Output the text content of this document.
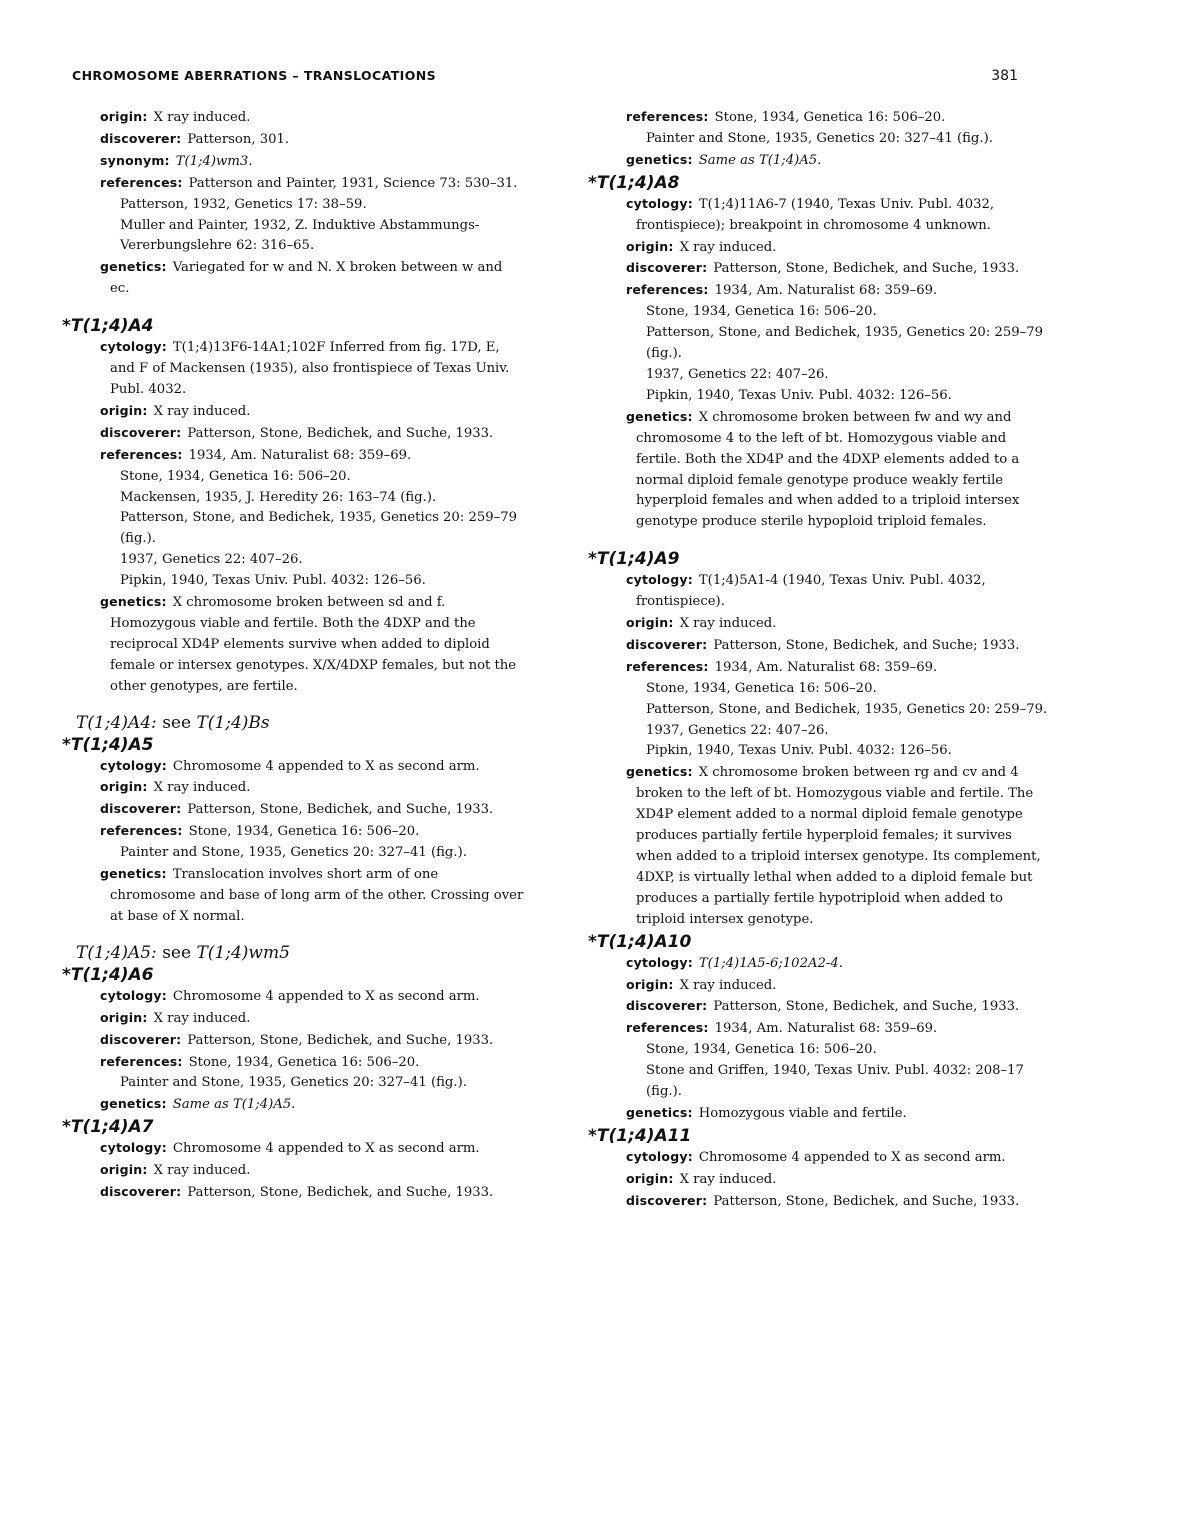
CHROMOSOME ABERRATIONS – TRANSLOCATIONS	381

origin: X ray induced.

discoverer: Patterson, 301.

synonym: T(1;4)wm3.

references: Patterson and Painter, 1931, Science 73: 530–31.

Patterson, 1932, Genetics 17: 38–59.

Muller and Painter, 1932, Z. Induktive Abstammungs- Vererbungslehre 62: 316–65.

genetics: Variegated for w and N. X broken between w and ec.

*T(1;4)A4

cytology: T(1;4)13F6-14A1;102F Inferred from fig. 17D, E, and F of Mackensen (1935), also frontispiece of Texas Univ. Publ. 4032.

origin: X ray induced.

discoverer: Patterson, Stone, Bedichek, and Suche, 1933.

references: 1934, Am. Naturalist 68: 359–69.

Stone, 1934, Genetica 16: 506–20.

Mackensen, 1935, J. Heredity 26: 163–74 (fig.).

Patterson, Stone, and Bedichek, 1935, Genetics 20: 259–79 (fig.).

1937, Genetics 22: 407–26.

Pipkin, 1940, Texas Univ. Publ. 4032: 126–56.

genetics: X chromosome broken between sd and f. Homozygous viable and fertile. Both the 4DXP and the reciprocal XD4P elements survive when added to diploid female or intersex genotypes. X/X/4DXP females, but not the other genotypes, are fertile.

T(1;4)A4: see T(1;4)Bs
*T(1;4)A5

cytology: Chromosome 4 appended to X as second arm.

origin: X ray induced.

discoverer: Patterson, Stone, Bedichek, and Suche, 1933.

references: Stone, 1934, Genetica 16: 506–20.

Painter and Stone, 1935, Genetics 20: 327–41 (fig.).

genetics: Translocation involves short arm of one chromosome and base of long arm of the other. Crossing over at base of X normal.

T(1;4)A5: see T(1;4)wm5
*T(1;4)A6

cytology: Chromosome 4 appended to X as second arm.

origin: X ray induced.

discoverer: Patterson, Stone, Bedichek, and Suche, 1933.

references: Stone, 1934, Genetica 16: 506–20.

Painter and Stone, 1935, Genetics 20: 327–41 (fig.).

genetics: Same as T(1;4)A5.

*T(1;4)A7

cytology: Chromosome 4 appended to X as second arm.

origin: X ray induced.

discoverer: Patterson, Stone, Bedichek, and Suche, 1933.

references: Stone, 1934, Genetica 16: 506–20.

Painter and Stone, 1935, Genetics 20: 327–41 (fig.).

genetics: Same as T(1;4)A5.

*T(1;4)A8

cytology: T(1;4)11A6-7 (1940, Texas Univ. Publ. 4032, frontispiece); breakpoint in chromosome 4 unknown.

origin: X ray induced.

discoverer: Patterson, Stone, Bedichek, and Suche, 1933.

references: 1934, Am. Naturalist 68: 359–69.

Stone, 1934, Genetica 16: 506–20.

Patterson, Stone, and Bedichek, 1935, Genetics 20: 259–79 (fig.).

1937, Genetics 22: 407–26.

Pipkin, 1940, Texas Univ. Publ. 4032: 126–56.

genetics: X chromosome broken between fw and wy and chromosome 4 to the left of bt. Homozygous viable and fertile. Both the XD4P and the 4DXP elements added to a normal diploid female genotype produce weakly fertile hyperploid females and when added to a triploid intersex genotype produce sterile hypoploid triploid females.

*T(1;4)A9

cytology: T(1;4)5A1-4 (1940, Texas Univ. Publ. 4032, frontispiece).

origin: X ray induced.

discoverer: Patterson, Stone, Bedichek, and Suche; 1933.

references: 1934, Am. Naturalist 68: 359–69.

Stone, 1934, Genetica 16: 506–20.

Patterson, Stone, and Bedichek, 1935, Genetics 20: 259–79.

1937, Genetics 22: 407–26.

Pipkin, 1940, Texas Univ. Publ. 4032: 126–56.

genetics: X chromosome broken between rg and cv and 4 broken to the left of bt. Homozygous viable and fertile. The XD4P element added to a normal diploid female genotype produces partially fertile hyperploid females; it survives when added to a triploid intersex genotype. Its complement, 4DXP, is virtually lethal when added to a diploid female but produces a partially fertile hypotriploid when added to triploid intersex genotype.

*T(1;4)A10

cytology: T(1;4)1A5-6;102A2-4.

origin: X ray induced.

discoverer: Patterson, Stone, Bedichek, and Suche, 1933.

references: 1934, Am. Naturalist 68: 359–69.

Stone, 1934, Genetica 16: 506–20.

Stone and Griffen, 1940, Texas Univ. Publ. 4032: 208–17 (fig.).

genetics: Homozygous viable and fertile.

*T(1;4)A11

cytology: Chromosome 4 appended to X as second arm.

origin: X ray induced.

discoverer: Patterson, Stone, Bedichek, and Suche, 1933.
